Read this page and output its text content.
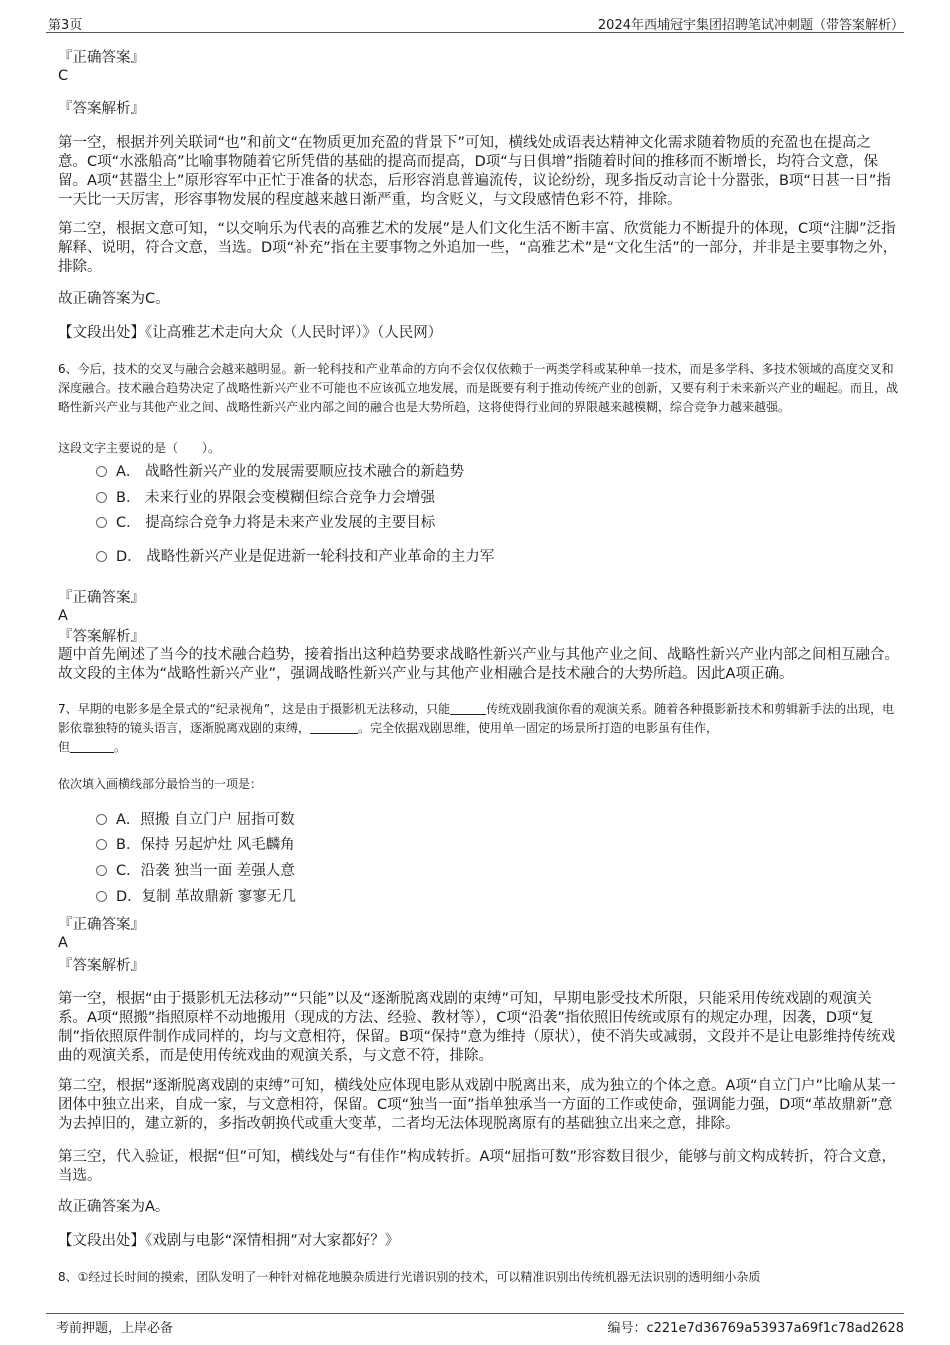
第3页	2024年西埔冠宇集团招聘笔试冲刺题（带答案解析）
『正确答案』
C
『答案解析』
第一空，根据并列关联词“也”和前文“在物质更加充盈的背景下”可知，横线处成语表达精神文化需求随着物质的充盈也在提高之意。C项“水涨船高”比喻事物随着它所凭借的基础的提高而提高，D项“与日俱增”指随着时间的推移而不断增长，均符合文意，保留。A项“甚嚣尘上”原形容军中正忙于准备的状态，后形容消息普遍流传，议论纷纷，现多指反动言论十分嚣张，B项“日甚一日”指一天比一天厉害，形容事物发展的程度越来越日渐严重，均含贬义，与文段感情色彩不符，排除。
第二空，根据文意可知，“以交响乐为代表的高雅艺术的发展”是人们文化生活不断丰富、欣赏能力不断提升的体现，C项“注脚”泛指解释、说明，符合文意，当选。D项“补充”指在主要事物之外追加一些，“高雅艺术”是“文化生活”的一部分，并非是主要事物之外，排除。
故正确答案为C。
【文段出处】《让高雅艺术走向大众（人民时评）》（人民网）
6、今后，技术的交叉与融合会越来越明显。新一轮科技和产业革命的方向不会仅仅依赖于一两类学科或某种单一技术，而是多学科、多技术领域的高度交叉和深度融合。技术融合趋势决定了战略性新兴产业不可能也不应该孤立地发展，而是既要有利于推动传统产业的创新，又要有利于未来新兴产业的崛起。而且，战略性新兴产业与其他产业之间、战略性新兴产业内部之间的融合也是大势所趋，这将使得行业间的界限越来越模糊，综合竞争力越来越强。
这段文字主要说的是（　　）。
A． 战略性新兴产业的发展需要顺应技术融合的新趋势
B． 未来行业的界限会变模糊但综合竞争力会增强
C． 提高综合竞争力将是未来产业发展的主要目标
D． 战略性新兴产业是促进新一轮科技和产业革命的主力军
『正确答案』
A
『答案解析』
题中首先阐述了当今的技术融合趋势，接着指出这种趋势要求战略性新兴产业与其他产业之间、战略性新兴产业内部之间相互融合。故文段的主体为“战略性新兴产业”，强调战略性新兴产业与其他产业相融合是技术融合的大势所趋。因此A项正确。
7、早期的电影多是全景式的“纪录视角”，这是由于摄影机无法移动，只能	传统戏剧我演你看的观演关系。随着各种摄影新技术和剪辑新手法的出现，电影依靠独特的镜头语言，逐渐脱离戏剧的束缚，	。完全依据戏剧思维，使用单一固定的场景所打造的电影虽有佳作，
但	。
依次填入画横线部分最恰当的一项是：
A．照搬 自立门户 屈指可数
B．保持 另起炉灶 风毛麟角
C．沿袭 独当一面 差强人意
D．复制 革故鼎新 寥寥无几
『正确答案』
A
『答案解析』
第一空，根据“由于摄影机无法移动”“只能”以及“逐渐脱离戏剧的束缚”可知，早期电影受技术所限，只能采用传统戏剧的观演关系。A项“照搬”指照原样不动地搬用（现成的方法、经验、教材等），C项“沿袭”指依照旧传统或原有的规定办理，因袭，D项“复制”指依照原件制作成同样的，均与文意相符，保留。B项“保持”意为维持（原状），使不消失或减弱，文段并不是让电影维持传统戏曲的观演关系，而是使用传统戏曲的观演关系，与文意不符，排除。
第二空，根据“逐渐脱离戏剧的束缚”可知，横线处应体现电影从戏剧中脱离出来，成为独立的个体之意。A项“自立门户”比喻从某一团体中独立出来，自成一家，与文意相符，保留。C项“独当一面”指单独承当一方面的工作或使命，强调能力强，D项“革故鼎新”意为去掉旧的，建立新的，多指改朝换代或重大变革，二者均无法体现脱离原有的基础独立出来之意，排除。
第三空，代入验证，根据“但”可知，横线处与“有佳作”构成转折。A项“屈指可数”形容数目很少，能够与前文构成转折，符合文意，当选。
故正确答案为A。
【文段出处】《戏剧与电影“深情相拥”对大家都好？》
8、①经过长时间的摸索，团队发明了一种针对棉花地膜杂质进行光谱识别的技术，可以精准识别出传统机器无法识别的透明细小杂质
考前押题，上岸必备	编号：c221e7d36769a53937a69f1c78ad2628
